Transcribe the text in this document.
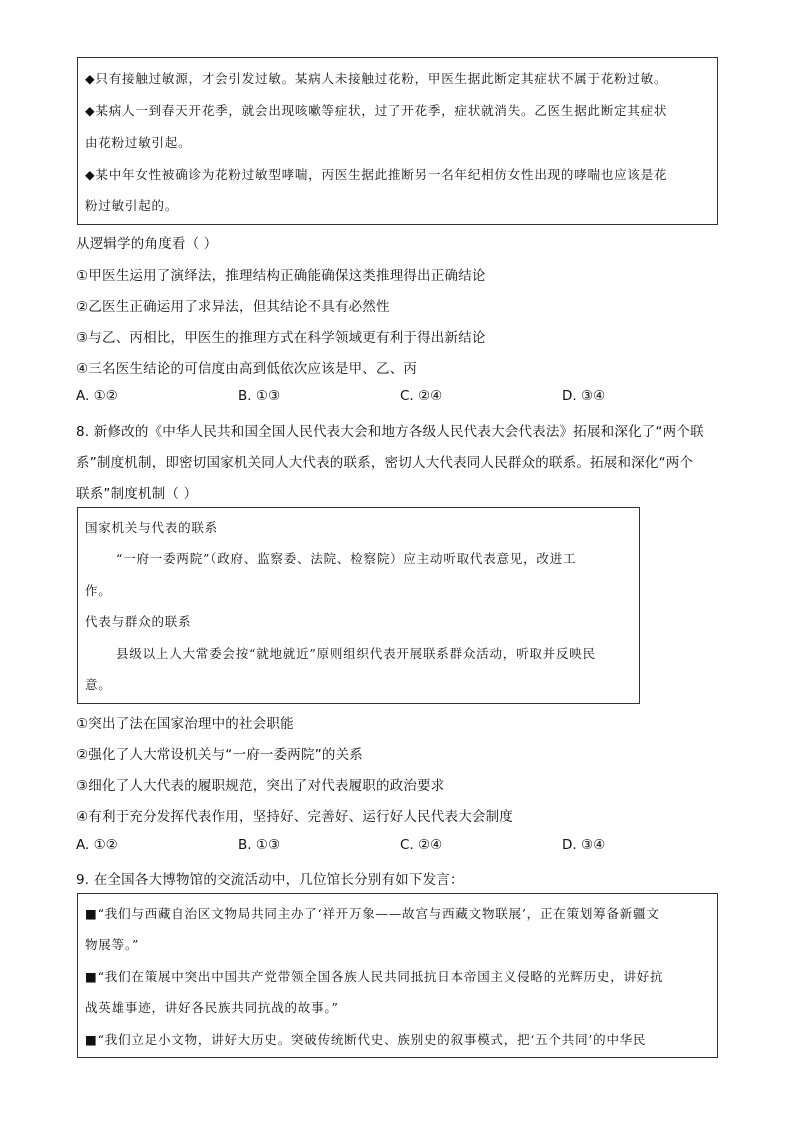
◆只有接触过敏源，才会引发过敏。某病人未接触过花粉，甲医生据此断定其症状不属于花粉过敏。
◆某病人一到春天开花季，就会出现咳嗽等症状，过了开花季，症状就消失。乙医生据此断定其症状
由花粉过敏引起。
◆某中年女性被确诊为花粉过敏型哮喘，丙医生据此推断另一名年纪相仿女性出现的哮喘也应该是花
粉过敏引起的。
从逻辑学的角度看（ ）
①甲医生运用了演绎法，推理结构正确能确保这类推理得出正确结论
②乙医生正确运用了求异法，但其结论不具有必然性
③与乙、丙相比，甲医生的推理方式在科学领域更有利于得出新结论
④三名医生结论的可信度由高到低依次应该是甲、乙、丙
A. ①②	B. ①③	C. ②④	D. ③④
8. 新修改的《中华人民共和国全国人民代表大会和地方各级人民代表大会代表法》拓展和深化了“两个联
系”制度机制，即密切国家机关同人大代表的联系，密切人大代表同人民群众的联系。拓展和深化“两个
联系”制度机制（ ）
国家机关与代表的联系
“一府一委两院”（政府、监察委、法院、检察院）应主动听取代表意见，改进工
作。
代表与群众的联系
县级以上人大常委会按“就地就近”原则组织代表开展联系群众活动，听取并反映民
意。
①突出了法在国家治理中的社会职能
②强化了人大常设机关与“一府一委两院”的关系
③细化了人大代表的履职规范，突出了对代表履职的政治要求
④有利于充分发挥代表作用，坚持好、完善好、运行好人民代表大会制度
A. ①②	B. ①③	C. ②④	D. ③④
9. 在全国各大博物馆的交流活动中，几位馆长分别有如下发言：
■“我们与西藏自治区文物局共同主办了‘祥开万象——故宫与西藏文物联展’，正在策划筹备新疆文
物展等。”
■“我们在策展中突出中国共产党带领全国各族人民共同抵抗日本帝国主义侵略的光辉历史，讲好抗
战英雄事迹，讲好各民族共同抗战的故事。”
■“我们立足小文物，讲好大历史。突破传统断代史、族别史的叙事模式，把‘五个共同’的中华民
